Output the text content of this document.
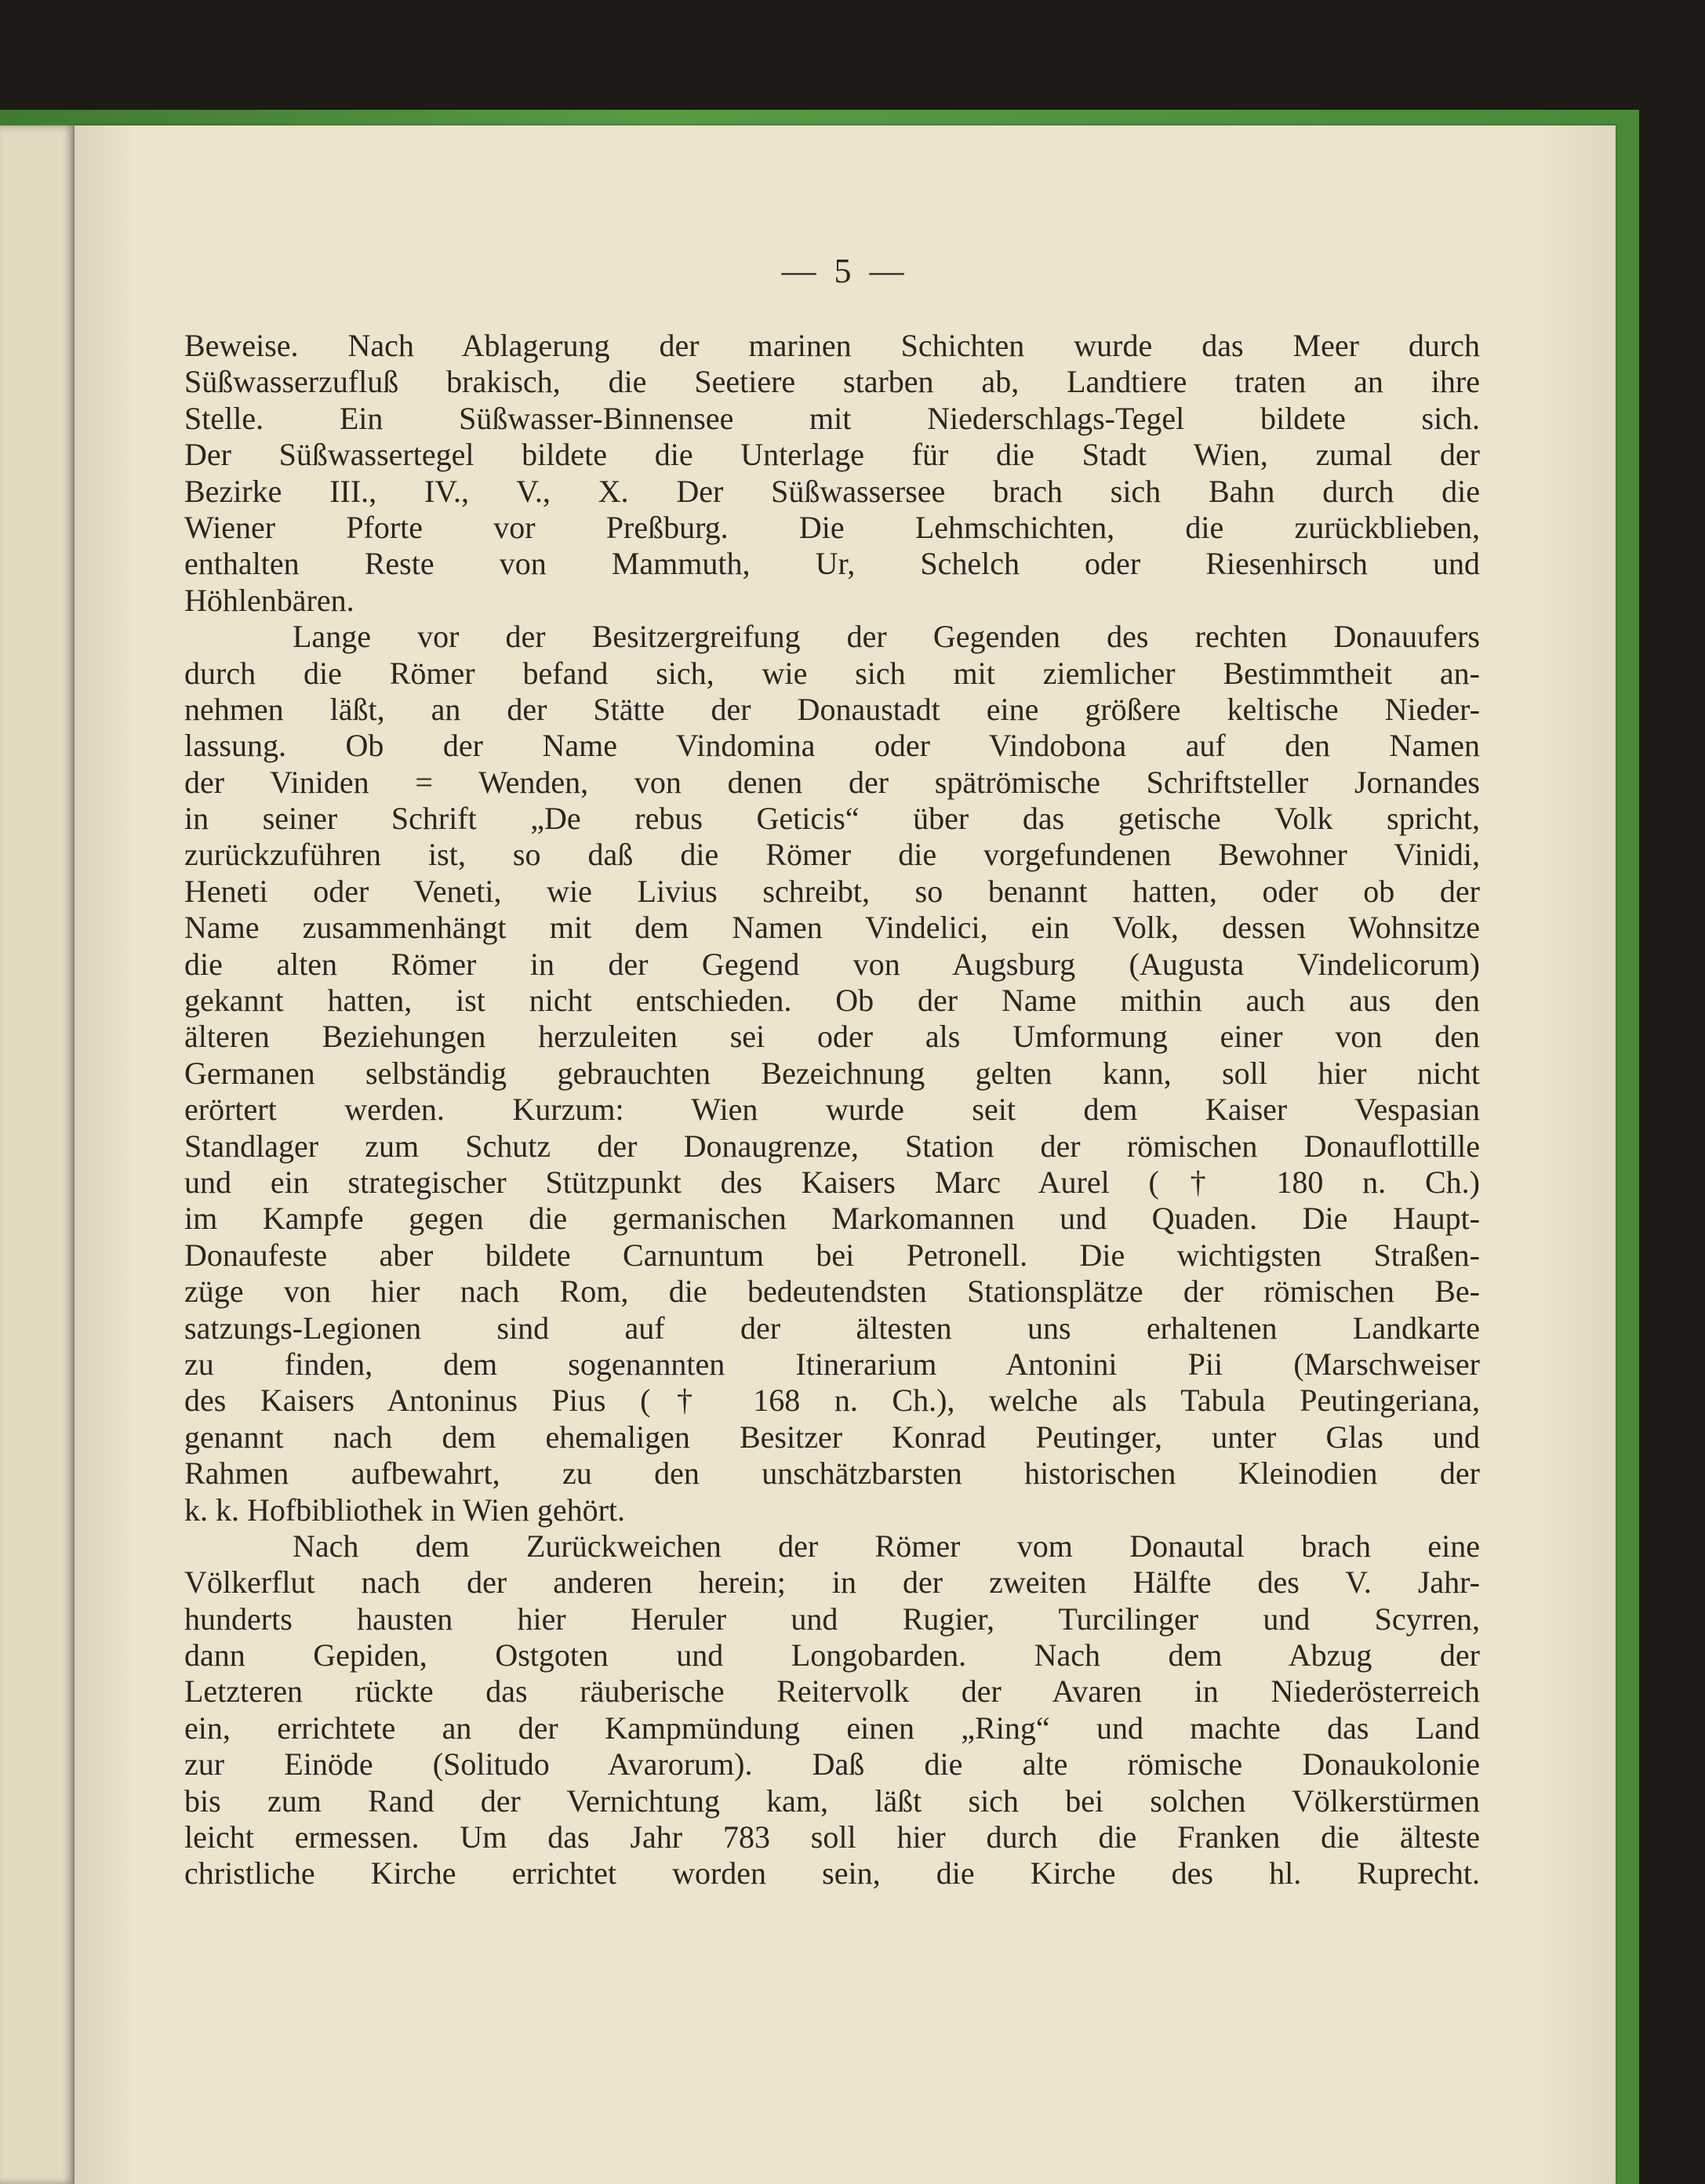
— 5 —
Beweise. Nach Ablagerung der marinen Schichten wurde das Meer durch
Süßwasserzufluß brakisch, die Seetiere starben ab, Landtiere traten an ihre
Stelle. Ein Süßwasser-Binnensee mit Niederschlags-Tegel bildete sich.
Der Süßwassertegel bildete die Unterlage für die Stadt Wien, zumal der
Bezirke III., IV., V., X. Der Süßwassersee brach sich Bahn durch die
Wiener Pforte vor Preßburg. Die Lehmschichten, die zurückblieben,
enthalten Reste von Mammuth, Ur, Schelch oder Riesenhirsch und
Höhlenbären.
Lange vor der Besitzergreifung der Gegenden des rechten Donauufers
durch die Römer befand sich, wie sich mit ziemlicher Bestimmtheit an-
nehmen läßt, an der Stätte der Donaustadt eine größere keltische Nieder-
lassung. Ob der Name Vindomina oder Vindobona auf den Namen
der Viniden = Wenden, von denen der spätrömische Schriftsteller Jornandes
in seiner Schrift „De rebus Geticis“ über das getische Volk spricht,
zurückzuführen ist, so daß die Römer die vorgefundenen Bewohner Vinidi,
Heneti oder Veneti, wie Livius schreibt, so benannt hatten, oder ob der
Name zusammenhängt mit dem Namen Vindelici, ein Volk, dessen Wohnsitze
die alten Römer in der Gegend von Augsburg (Augusta Vindelicorum)
gekannt hatten, ist nicht entschieden. Ob der Name mithin auch aus den
älteren Beziehungen herzuleiten sei oder als Umformung einer von den
Germanen selbständig gebrauchten Bezeichnung gelten kann, soll hier nicht
erörtert werden. Kurzum: Wien wurde seit dem Kaiser Vespasian
Standlager zum Schutz der Donaugrenze, Station der römischen Donauflottille
und ein strategischer Stützpunkt des Kaisers Marc Aurel († 180 n. Ch.)
im Kampfe gegen die germanischen Markomannen und Quaden. Die Haupt-
Donaufeste aber bildete Carnuntum bei Petronell. Die wichtigsten Straßen-
züge von hier nach Rom, die bedeutendsten Stationsplätze der römischen Be-
satzungs-Legionen sind auf der ältesten uns erhaltenen Landkarte
zu finden, dem sogenannten Itinerarium Antonini Pii (Marschweiser
des Kaisers Antoninus Pius († 168 n. Ch.), welche als Tabula Peutingeriana,
genannt nach dem ehemaligen Besitzer Konrad Peutinger, unter Glas und
Rahmen aufbewahrt, zu den unschätzbarsten historischen Kleinodien der
k. k. Hofbibliothek in Wien gehört.
Nach dem Zurückweichen der Römer vom Donautal brach eine
Völkerflut nach der anderen herein; in der zweiten Hälfte des V. Jahr-
hunderts hausten hier Heruler und Rugier, Turcilinger und Scyrren,
dann Gepiden, Ostgoten und Longobarden. Nach dem Abzug der
Letzteren rückte das räuberische Reitervolk der Avaren in Niederösterreich
ein, errichtete an der Kampmündung einen „Ring“ und machte das Land
zur Einöde (Solitudo Avarorum). Daß die alte römische Donaukolonie
bis zum Rand der Vernichtung kam, läßt sich bei solchen Völkerstürmen
leicht ermessen. Um das Jahr 783 soll hier durch die Franken die älteste
christliche Kirche errichtet worden sein, die Kirche des hl. Ruprecht.
